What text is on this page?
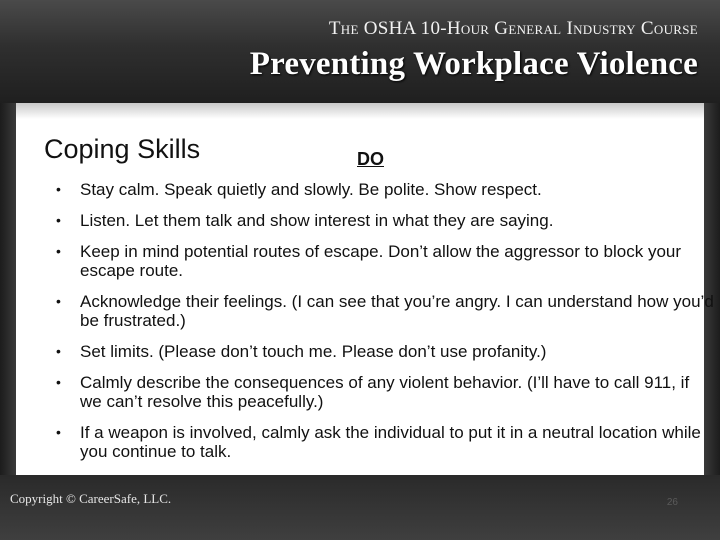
The OSHA 10-Hour General Industry Course
Preventing Workplace Violence
Coping Skills	DO
• Stay calm. Speak quietly and slowly. Be polite. Show respect.
• Listen. Let them talk and show interest in what they are saying.
• Keep in mind potential routes of escape. Don’t allow the aggressor to block your escape route.
• Acknowledge their feelings. (I can see that you’re angry. I can understand how you’d be frustrated.)
• Set limits. (Please don’t touch me. Please don’t use profanity.)
• Calmly describe the consequences of any violent behavior. (I’ll have to call 911, if we can’t resolve this peacefully.)
• If a weapon is involved, calmly ask the individual to put it in a neutral location while you continue to talk.
Copyright © CareerSafe, LLC.	26
